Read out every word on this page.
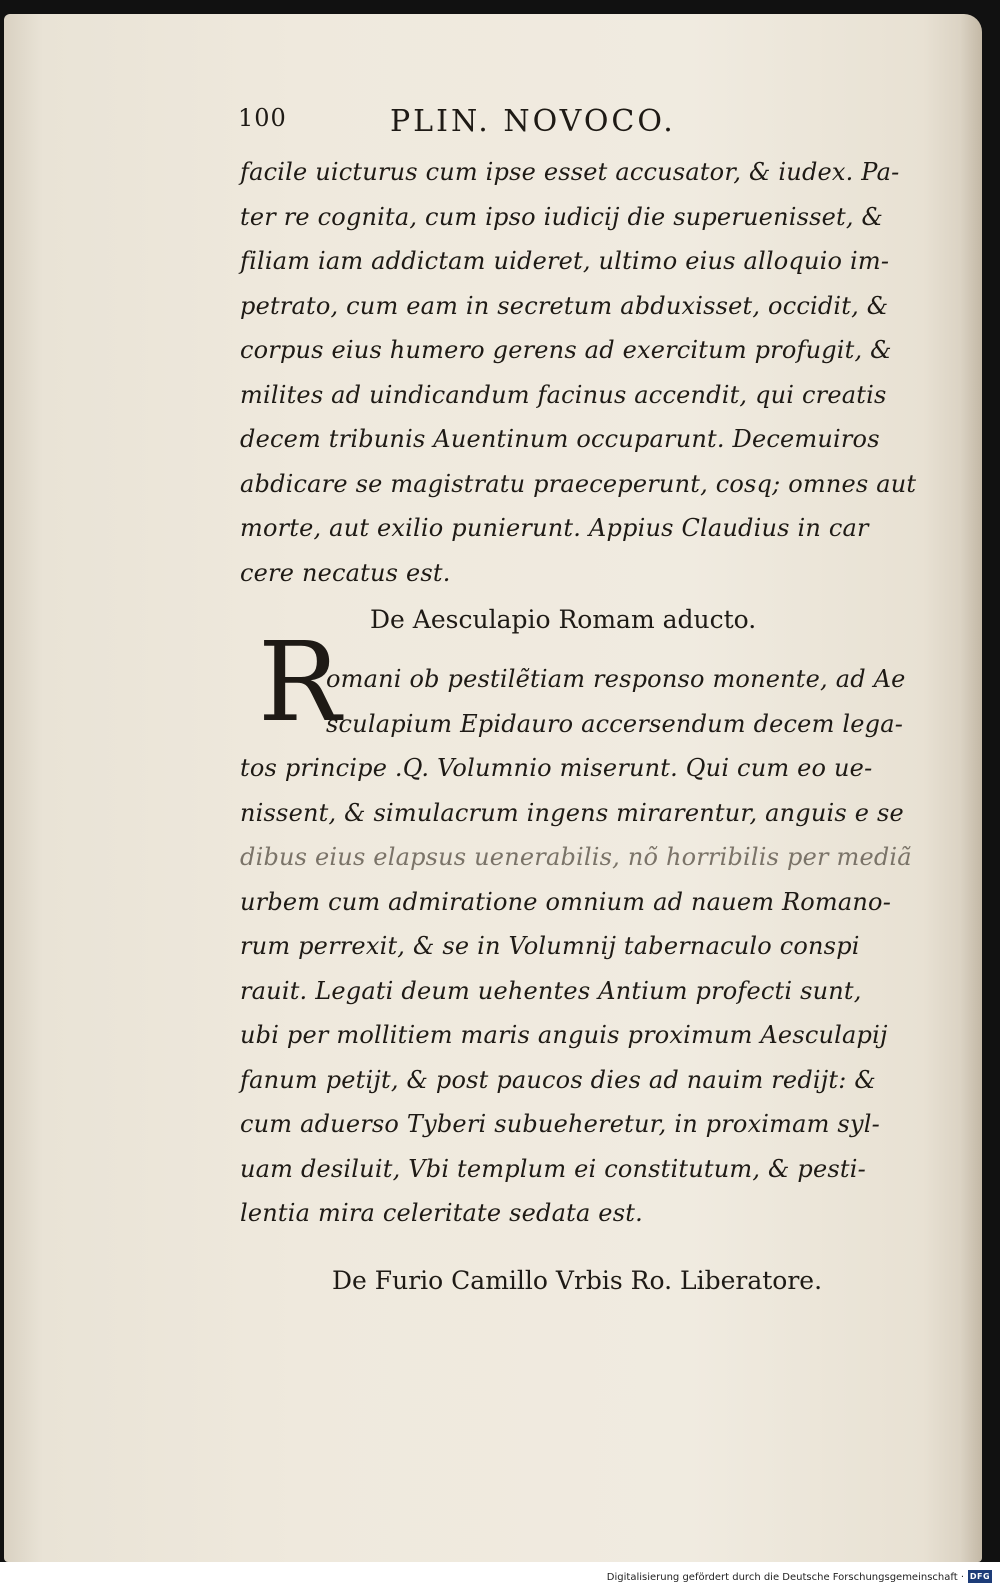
100	PLIN. NOVOCO.
facile uicturus cum ipse esset accusator, & iudex. Pa-
ter re cognita, cum ipso iudicij die superuenisset, &
filiam iam addictam uideret, ultimo eius alloquio im-
petrato, cum eam in secretum abduxisset, occidit, &
corpus eius humero gerens ad exercitum profugit, &
milites ad uindicandum facinus accendit, qui creatis
decem tribunis Auentinum occuparunt. Decemuiros
abdicare se magistratu praeceperunt, cosq; omnes aut
morte, aut exilio punierunt. Appius Claudius in car
cere necatus est.
De Aesculapio Romam aducto.
omani ob pestilẽtiam responso monente, ad Ae
sculapium Epidauro accersendum decem lega-
tos principe .Q. Volumnio miserunt. Qui cum eo ue-
nissent, & simulacrum ingens mirarentur, anguis e se
dibus eius elapsus uenerabilis, nõ horribilis per mediã
urbem cum admiratione omnium ad nauem Romano-
rum perrexit, & se in Volumnij tabernaculo conspi
rauit. Legati deum uehentes Antium profecti sunt,
ubi per mollitiem maris anguis proximum Aesculapij
fanum petijt, & post paucos dies ad nauim redijt: &
cum aduerso Tyberi subueheretur, in proximam syl-
uam desiluit, Vbi templum ei constitutum, & pesti-
lentia mira celeritate sedata est.
De Furio Camillo Vrbis Ro. Liberatore.
R
Digitalisierung gefördert durch die Deutsche Forschungsgemeinschaft · DFG
